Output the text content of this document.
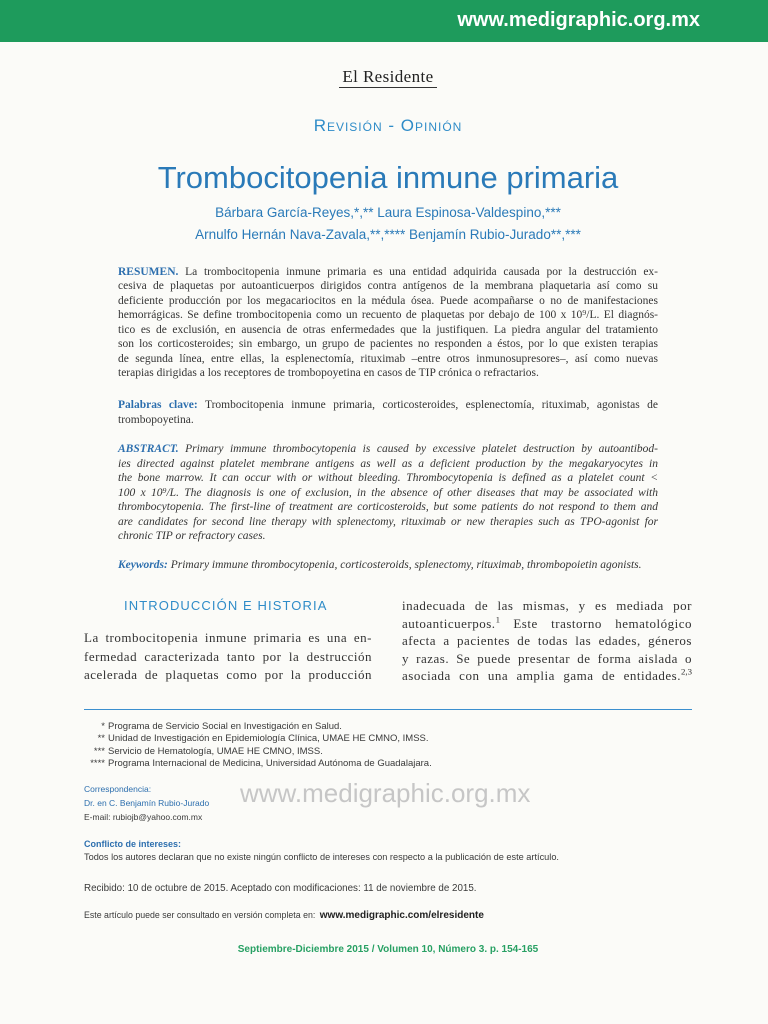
www.medigraphic.org.mx
El Residente
Revisión - Opinión
Trombocitopenia inmune primaria
Bárbara García-Reyes,*,** Laura Espinosa-Valdespino,***
Arnulfo Hernán Nava-Zavala,**,**** Benjamín Rubio-Jurado**,***
RESUMEN. La trombocitopenia inmune primaria es una entidad adquirida causada por la destrucción ex-
cesiva de plaquetas por autoanticuerpos dirigidos contra antígenos de la membrana plaquetaria así como su
deficiente producción por los megacariocitos en la médula ósea. Puede acompañarse o no de manifestaciones
hemorrágicas. Se define trombocitopenia como un recuento de plaquetas por debajo de 100 x 10⁹/L. El diagnós-
tico es de exclusión, en ausencia de otras enfermedades que la justifiquen. La piedra angular del tratamiento
son los corticosteroides; sin embargo, un grupo de pacientes no responden a éstos, por lo que existen terapias
de segunda línea, entre ellas, la esplenectomía, rituximab –entre otros inmunosupresores–, así como nuevas
terapias dirigidas a los receptores de trombopoyetina en casos de TIP crónica o refractarios.
Palabras clave: Trombocitopenia inmune primaria, corticosteroides, esplenectomía, rituximab, agonistas de
trombopoyetina.
ABSTRACT. Primary immune thrombocytopenia is caused by excessive platelet destruction by autoantibod-
ies directed against platelet membrane antigens as well as a deficient production by the megakaryocytes in
the bone marrow. It can occur with or without bleeding. Thrombocytopenia is defined as a platelet count <
100 x 10⁹/L. The diagnosis is one of exclusion, in the absence of other diseases that may be associated with
thrombocytopenia. The first-line of treatment are corticosteroids, but some patients do not respond to them and
are candidates for second line therapy with splenectomy, rituximab or new therapies such as TPO-agonist for
chronic TIP or refractory cases.
Keywords: Primary immune thrombocytopenia, corticosteroids, splenectomy, rituximab, thrombopoietin agonists.
INTRODUCCIÓN E HISTORIA
La trombocitopenia inmune primaria es una en-
fermedad caracterizada tanto por la destrucción
acelerada de plaquetas como por la producción
inadecuada de las mismas, y es mediada por
autoanticuerpos.$^1$ Este trastorno hematológico
afecta a pacientes de todas las edades, géneros
y razas. Se puede presentar de forma aislada o
asociada con una amplia gama de entidades.$^{2,3}$
* Programa de Servicio Social en Investigación en Salud.
** Unidad de Investigación en Epidemiología Clínica, UMAE HE CMNO, IMSS.
*** Servicio de Hematología, UMAE HE CMNO, IMSS.
**** Programa Internacional de Medicina, Universidad Autónoma de Guadalajara.
Correspondencia:
Dr. en C. Benjamín Rubio-Jurado
E-mail: rubiojb@yahoo.com.mx
www.medigraphic.org.mx
Conflicto de intereses:
Todos los autores declaran que no existe ningún conflicto de intereses con respecto a la publicación de este artículo.
Recibido: 10 de octubre de 2015. Aceptado con modificaciones: 11 de noviembre de 2015.
Este artículo puede ser consultado en versión completa en: www.medigraphic.com/elresidente
Septiembre-Diciembre 2015 / Volumen 10, Número 3. p. 154-165
